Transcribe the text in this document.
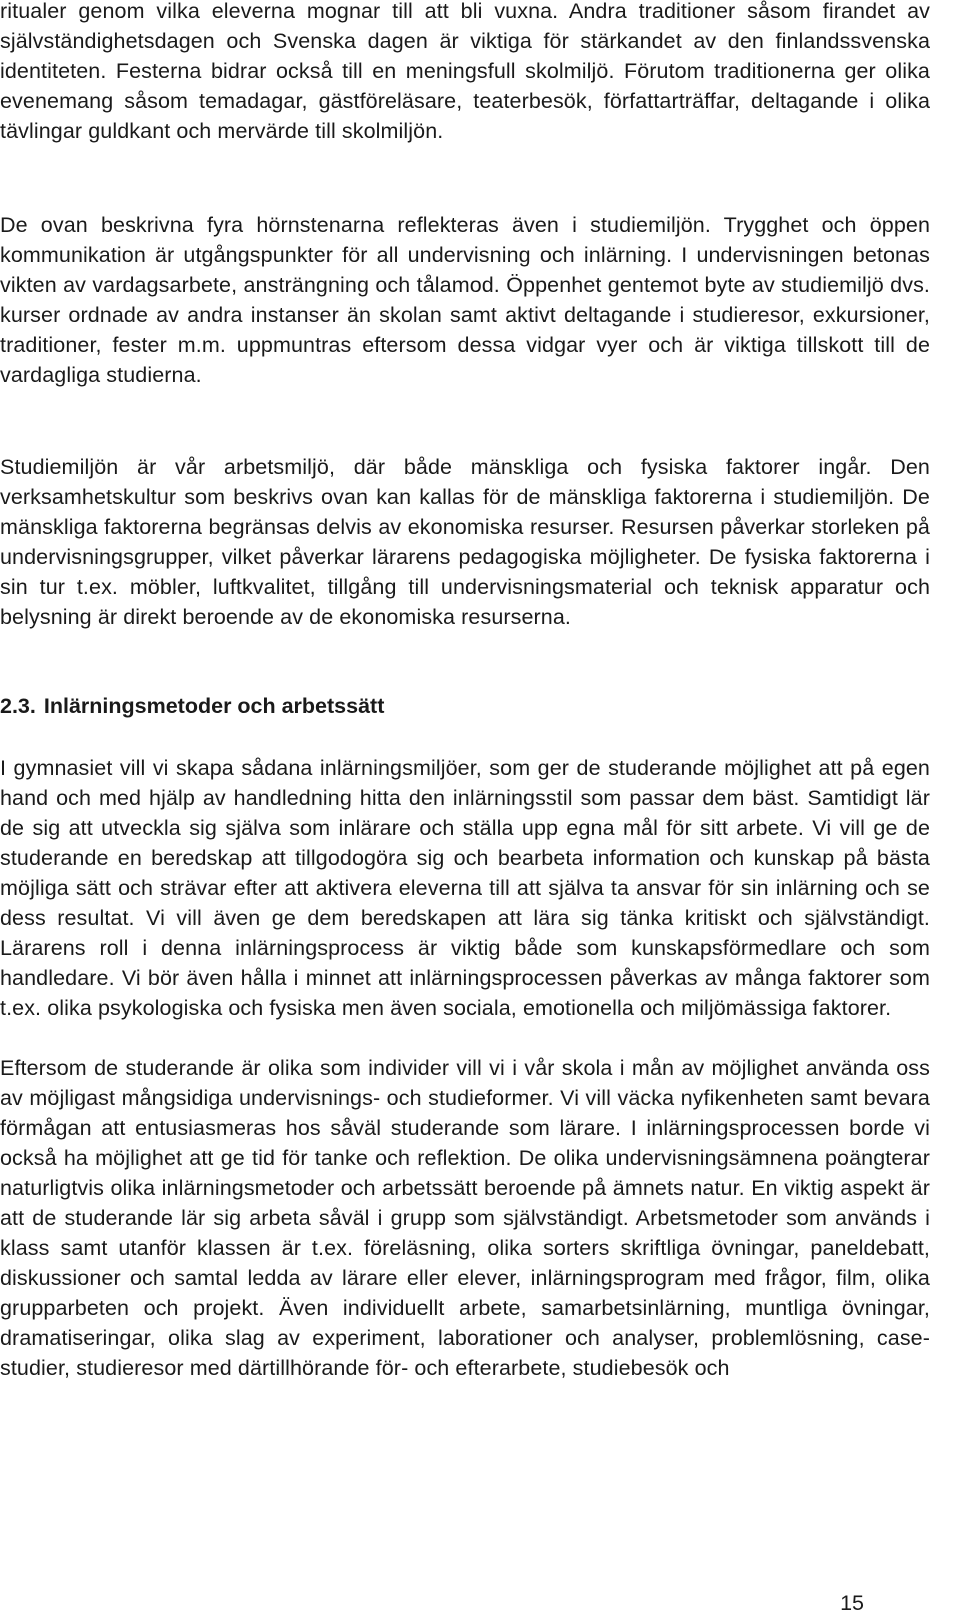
ritualer genom vilka eleverna mognar till att bli vuxna. Andra traditioner såsom firandet av självständighetsdagen och Svenska dagen är viktiga för stärkandet av den finlandssvenska identiteten. Festerna bidrar också till en meningsfull skolmiljö. Förutom traditionerna ger olika evenemang såsom temadagar, gästföreläsare, teaterbesök, författarträffar, deltagande i olika tävlingar guldkant och mervärde till skolmiljön.

De ovan beskrivna fyra hörnstenarna reflekteras även i studiemiljön. Trygghet och öppen kommunikation är utgångspunkter för all undervisning och inlärning. I undervisningen betonas vikten av vardagsarbete, ansträngning och tålamod. Öppenhet gentemot byte av studiemiljö dvs. kurser ordnade av andra instanser än skolan samt aktivt deltagande i studieresor, exkursioner, traditioner, fester m.m. uppmuntras eftersom dessa vidgar vyer och är viktiga tillskott till de vardagliga studierna.

Studiemiljön är vår arbetsmiljö, där både mänskliga och fysiska faktorer ingår. Den verksamhetskultur som beskrivs ovan kan kallas för de mänskliga faktorerna i studiemiljön. De mänskliga faktorerna begränsas delvis av ekonomiska resurser. Resursen påverkar storleken på undervisningsgrupper, vilket påverkar lärarens pedagogiska möjligheter. De fysiska faktorerna i sin tur t.ex. möbler, luftkvalitet, tillgång till undervisningsmaterial och teknisk apparatur och belysning är direkt beroende av de ekonomiska resurserna.

2.3. Inlärningsmetoder och arbetssätt

I gymnasiet vill vi skapa sådana inlärningsmiljöer, som ger de studerande möjlighet att på egen hand och med hjälp av handledning hitta den inlärningsstil som passar dem bäst. Samtidigt lär de sig att utveckla sig själva som inlärare och ställa upp egna mål för sitt arbete. Vi vill ge de studerande en beredskap att tillgodogöra sig och bearbeta information och kunskap på bästa möjliga sätt och strävar efter att aktivera eleverna till att själva ta ansvar för sin inlärning och se dess resultat. Vi vill även ge dem beredskapen att lära sig tänka kritiskt och självständigt. Lärarens roll i denna inlärningsprocess är viktig både som kunskapsförmedlare och som handledare. Vi bör även hålla i minnet att inlärningsprocessen påverkas av många faktorer som t.ex. olika psykologiska och fysiska men även sociala, emotionella och miljömässiga faktorer.

Eftersom de studerande är olika som individer vill vi i vår skola i mån av möjlighet använda oss av möjligast mångsidiga undervisnings- och studieformer. Vi vill väcka nyfikenheten samt bevara förmågan att entusiasmeras hos såväl studerande som lärare. I inlärningsprocessen borde vi också ha möjlighet att ge tid för tanke och reflektion. De olika undervisningsämnena poängterar naturligtvis olika inlärningsmetoder och arbetssätt beroende på ämnets natur. En viktig aspekt är att de studerande lär sig arbeta såväl i grupp som självständigt. Arbetsmetoder som används i klass samt utanför klassen är t.ex. föreläsning, olika sorters skriftliga övningar, paneldebatt, diskussioner och samtal ledda av lärare eller elever, inlärningsprogram med frågor, film, olika grupparbeten och projekt. Även individuellt arbete, samarbetsinlärning, muntliga övningar, dramatiseringar, olika slag av experiment, laborationer och analyser, problemlösning, case-studier, studieresor med därtillhörande för- och efterarbete, studiebesök och

15
